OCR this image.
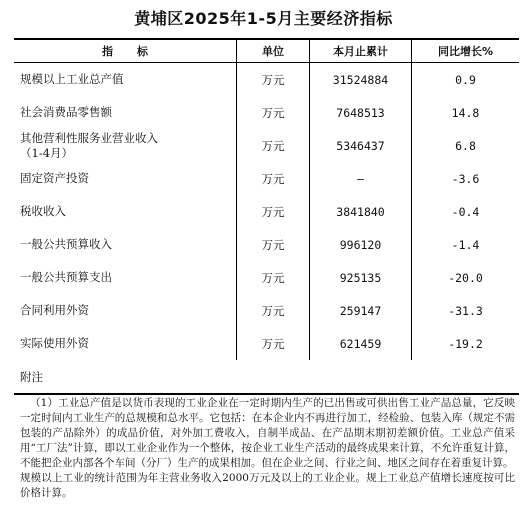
黄埔区2025年1-5月主要经济指标
指标	单位	本月止累计	同比增长%

规模以上工业总产值	万元	31524884	0.9

社会消费品零售额	万元	7648513	14.8

其他营利性服务业营业收入
（1-4月）	万元	5346437	6.8

固定资产投资	万元	—	-3.6

税收收入	万元	3841840	-0.4

一般公共预算收入	万元	996120	-1.4

一般公共预算支出	万元	925135	-20.0

合同利用外资	万元	259147	-31.3

实际使用外资	万元	621459	-19.2
附注			

（1）工业总产值是以货币表现的工业企业在一定时期内生产的已出售或可供出售工业产品总量，它反映一定时间内工业生产的总规模和总水平。它包括：在本企业内不再进行加工，经检验、包装入库（规定不需包装的产品除外）的成品价值，对外加工费收入，自制半成品、在产品期末期初差额价值。工业总产值采用“工厂法”计算，即以工业企业作为一个整体，按企业工业生产活动的最终成果来计算，不允许重复计算，不能把企业内部各个车间（分厂）生产的成果相加。但在企业之间、行业之间、地区之间存在着重复计算。

规模以上工业的统计范围为年主营业务收入2000万元及以上的工业企业。规上工业总产值增长速度按可比价格计算。
